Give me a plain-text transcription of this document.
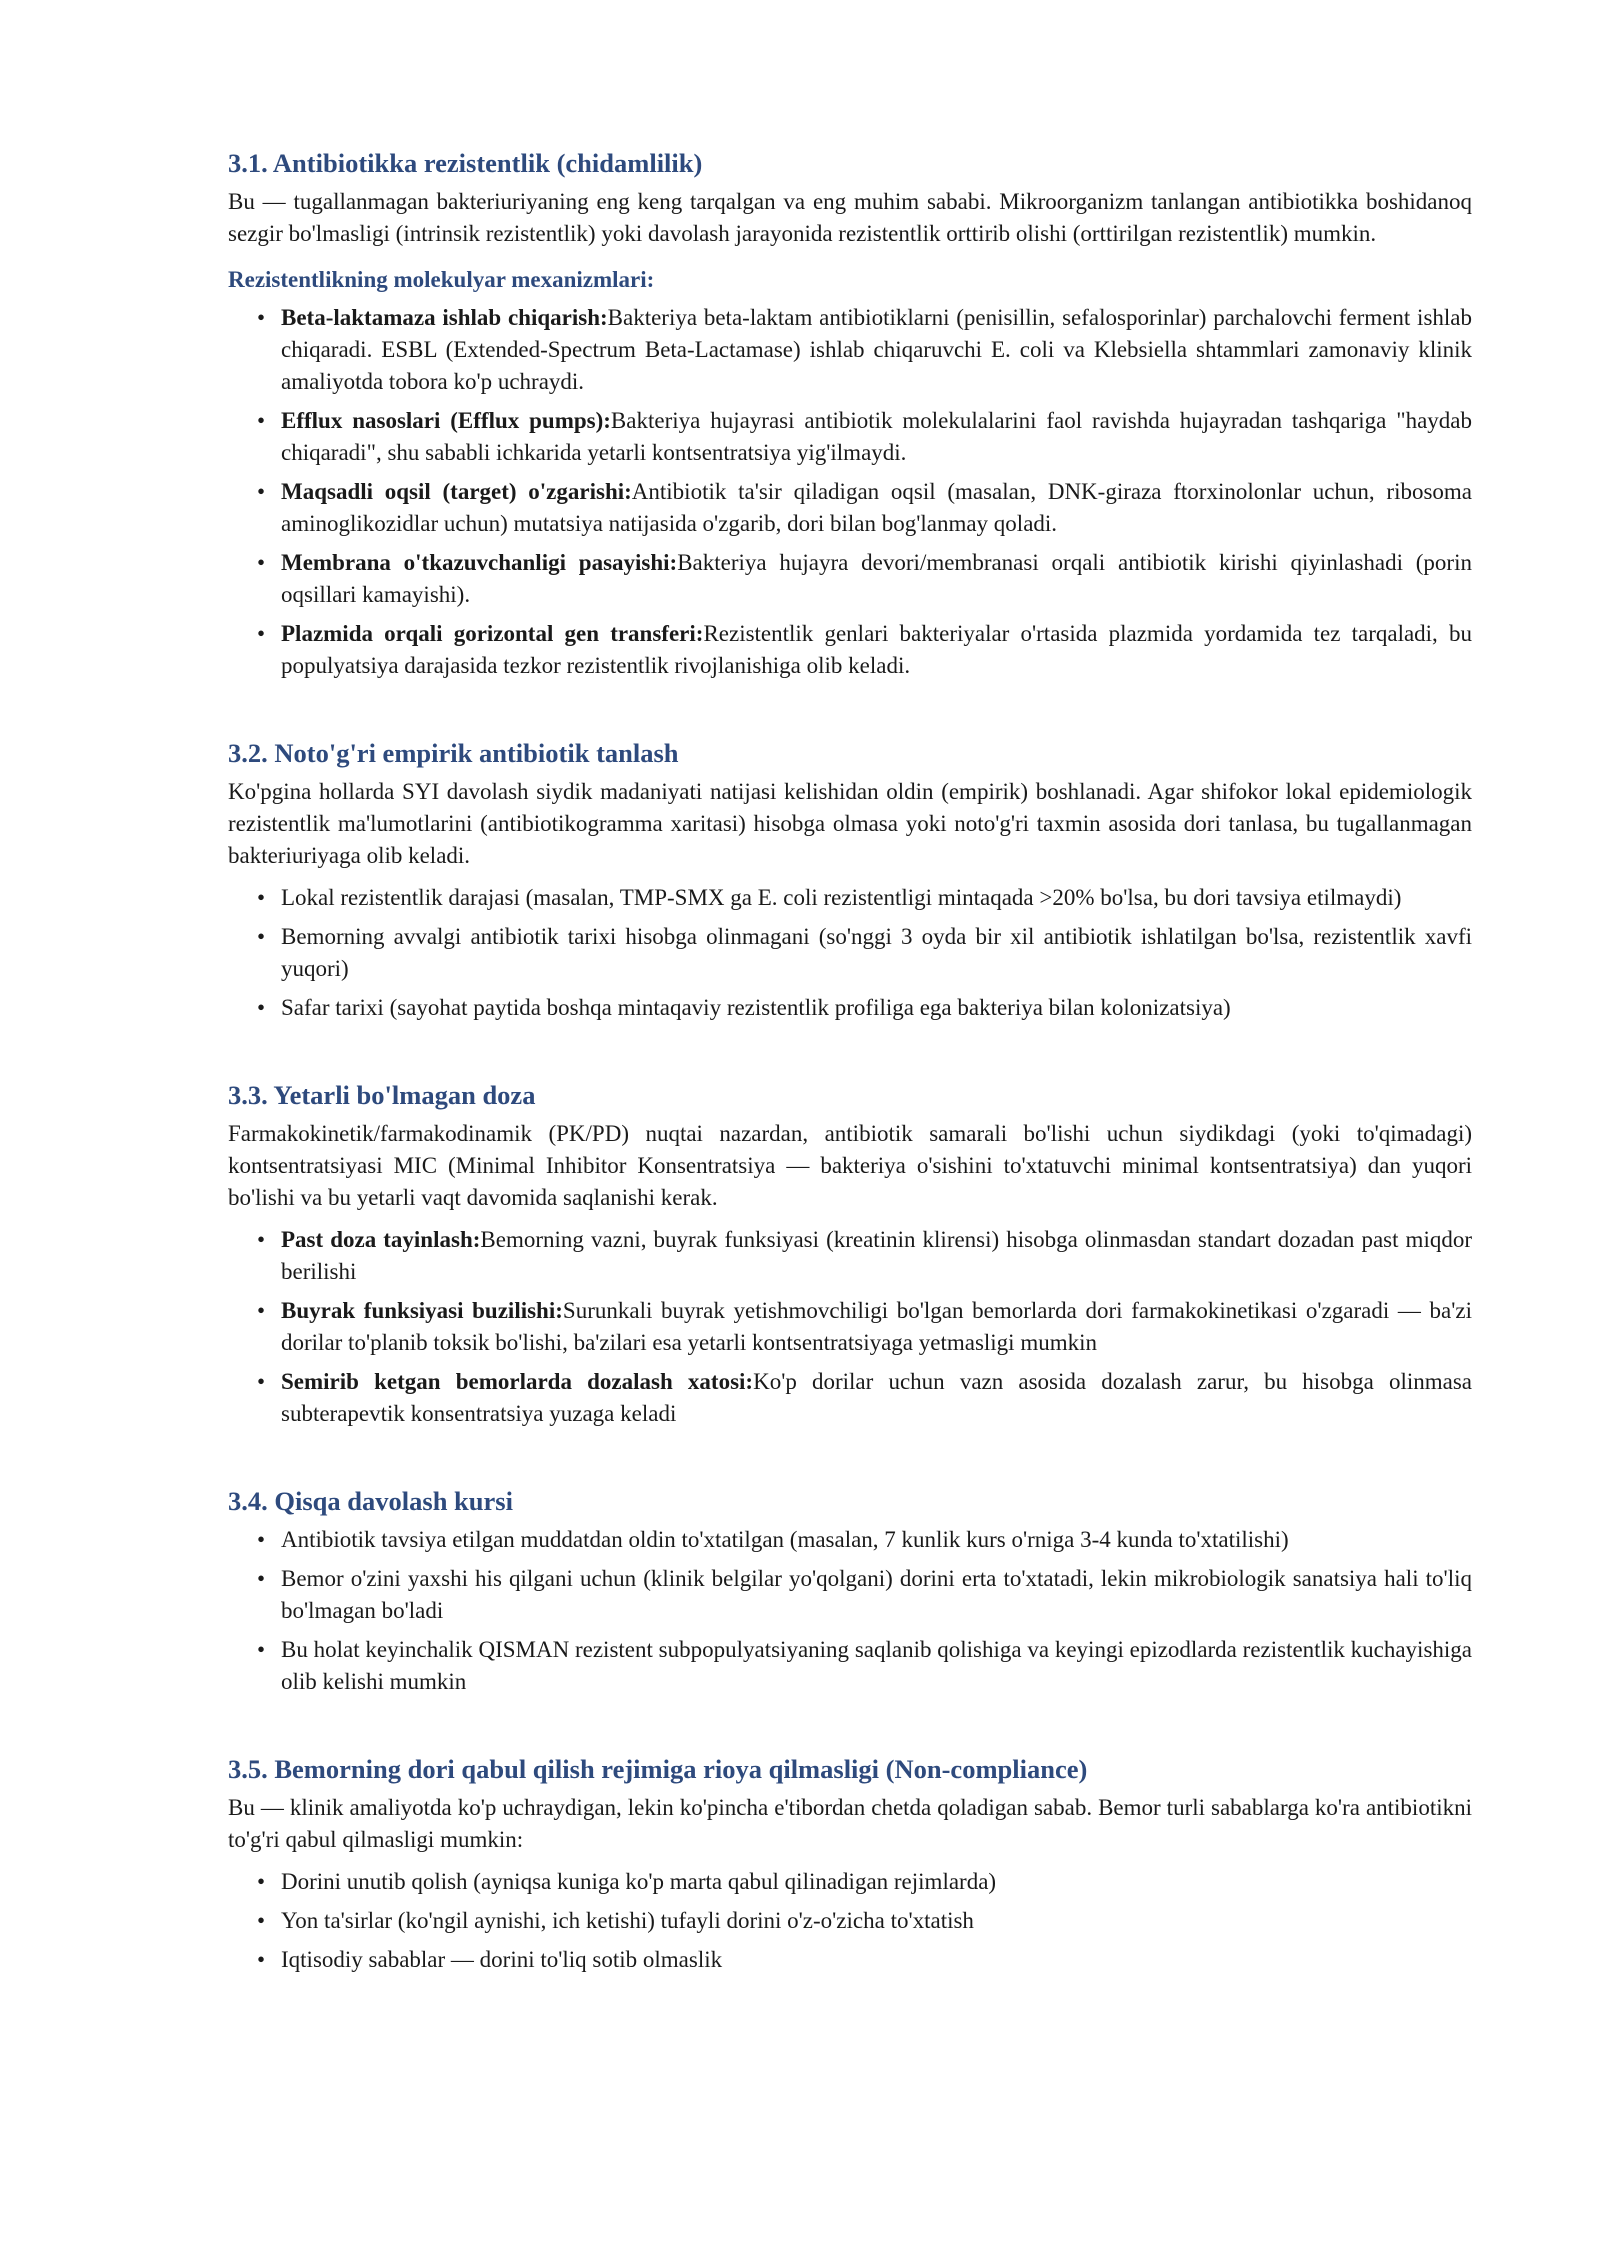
3.1. Antibiotikka rezistentlik (chidamlilik)

Bu — tugallanmagan bakteriuriyaning eng keng tarqalgan va eng muhim sababi. Mikroorganizm tanlangan antibiotikka boshidanoq sezgir bo'lmasligi (intrinsik rezistentlik) yoki davolash jarayonida rezistentlik orttirib olishi (orttirilgan rezistentlik) mumkin.

Rezistentlikning molekulyar mexanizmlari:
• Beta-laktamaza ishlab chiqarish:Bakteriya beta-laktam antibiotiklarni (penisillin, sefalosporinlar) parchalovchi ferment ishlab chiqaradi. ESBL (Extended-Spectrum Beta-Lactamase) ishlab chiqaruvchi E. coli va Klebsiella shtammlari zamonaviy klinik amaliyotda tobora ko'p uchraydi.
• Efflux nasoslari (Efflux pumps):Bakteriya hujayrasi antibiotik molekulalarini faol ravishda hujayradan tashqariga "haydab chiqaradi", shu sababli ichkarida yetarli kontsentratsiya yig'ilmaydi.
• Maqsadli oqsil (target) o'zgarishi:Antibiotik ta'sir qiladigan oqsil (masalan, DNK-giraza ftorxinolonlar uchun, ribosoma aminoglikozidlar uchun) mutatsiya natijasida o'zgarib, dori bilan bog'lanmay qoladi.
• Membrana o'tkazuvchanligi pasayishi:Bakteriya hujayra devori/membranasi orqali antibiotik kirishi qiyinlashadi (porin oqsillari kamayishi).
• Plazmida orqali gorizontal gen transferi:Rezistentlik genlari bakteriyalar o'rtasida plazmida yordamida tez tarqaladi, bu populyatsiya darajasida tezkor rezistentlik rivojlanishiga olib keladi.
3.2. Noto'g'ri empirik antibiotik tanlash

Ko'pgina hollarda SYI davolash siydik madaniyati natijasi kelishidan oldin (empirik) boshlanadi. Agar shifokor lokal epidemiologik rezistentlik ma'lumotlarini (antibiotikogramma xaritasi) hisobga olmasa yoki noto'g'ri taxmin asosida dori tanlasa, bu tugallanmagan bakteriuriyaga olib keladi.

• Lokal rezistentlik darajasi (masalan, TMP-SMX ga E. coli rezistentligi mintaqada >20% bo'lsa, bu dori tavsiya etilmaydi)
• Bemorning avvalgi antibiotik tarixi hisobga olinmagani (so'nggi 3 oyda bir xil antibiotik ishlatilgan bo'lsa, rezistentlik xavfi yuqori)
• Safar tarixi (sayohat paytida boshqa mintaqaviy rezistentlik profiliga ega bakteriya bilan kolonizatsiya)
3.3. Yetarli bo'lmagan doza

Farmakokinetik/farmakodinamik (PK/PD) nuqtai nazardan, antibiotik samarali bo'lishi uchun siydikdagi (yoki to'qimadagi) kontsentratsiyasi MIC (Minimal Inhibitor Konsentratsiya — bakteriya o'sishini to'xtatuvchi minimal kontsentratsiya) dan yuqori bo'lishi va bu yetarli vaqt davomida saqlanishi kerak.

• Past doza tayinlash:Bemorning vazni, buyrak funksiyasi (kreatinin klirensi) hisobga olinmasdan standart dozadan past miqdor berilishi
• Buyrak funksiyasi buzilishi:Surunkali buyrak yetishmovchiligi bo'lgan bemorlarda dori farmakokinetikasi o'zgaradi — ba'zi dorilar to'planib toksik bo'lishi, ba'zilari esa yetarli kontsentratsiyaga yetmasligi mumkin
• Semirib ketgan bemorlarda dozalash xatosi:Ko'p dorilar uchun vazn asosida dozalash zarur, bu hisobga olinmasa subterapevtik konsentratsiya yuzaga keladi
3.4. Qisqa davolash kursi
• Antibiotik tavsiya etilgan muddatdan oldin to'xtatilgan (masalan, 7 kunlik kurs o'rniga 3-4 kunda to'xtatilishi)
• Bemor o'zini yaxshi his qilgani uchun (klinik belgilar yo'qolgani) dorini erta to'xtatadi, lekin mikrobiologik sanatsiya hali to'liq bo'lmagan bo'ladi
• Bu holat keyinchalik QISMAN rezistent subpopulyatsiyaning saqlanib qolishiga va keyingi epizodlarda rezistentlik kuchayishiga olib kelishi mumkin
3.5. Bemorning dori qabul qilish rejimiga rioya qilmasligi (Non-compliance)

Bu — klinik amaliyotda ko'p uchraydigan, lekin ko'pincha e'tibordan chetda qoladigan sabab. Bemor turli sabablarga ko'ra antibiotikni to'g'ri qabul qilmasligi mumkin:

• Dorini unutib qolish (ayniqsa kuniga ko'p marta qabul qilinadigan rejimlarda)
• Yon ta'sirlar (ko'ngil aynishi, ich ketishi) tufayli dorini o'z-o'zicha to'xtatish
• Iqtisodiy sabablar — dorini to'liq sotib olmaslik
